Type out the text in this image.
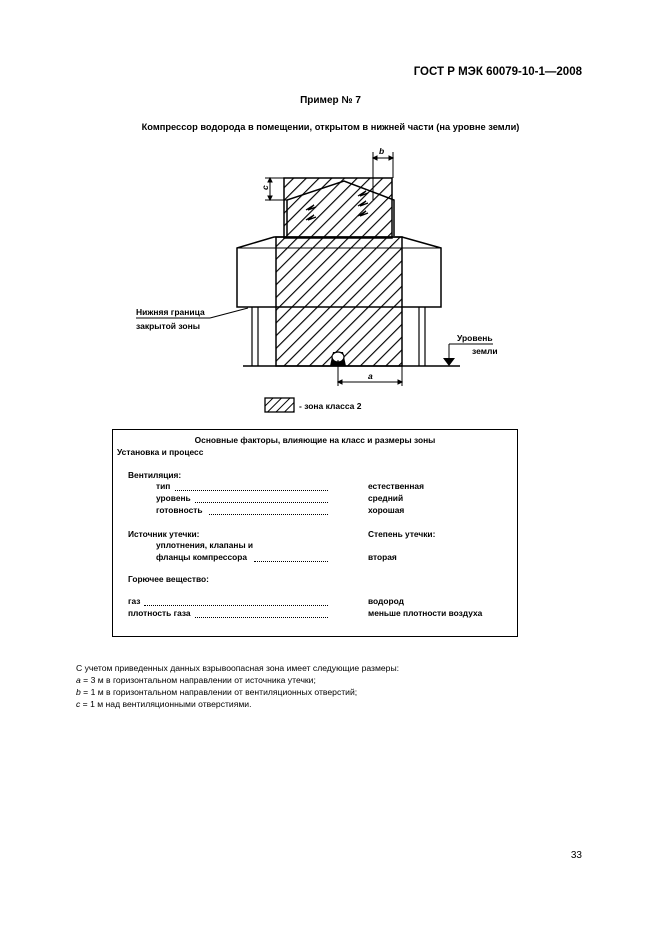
ГОСТ Р МЭК 60079-10-1—2008
Пример № 7
Компрессор водорода в помещении, открытом в нижней части (на уровне земли)
b
c
a
Нижняя граница
закрытой зоны
Уровень
земли
- зона класса 2
Основные факторы, влияющие на класс и размеры зоны
Установка и процесс
Вентиляция:
тип	естественная
уровень	средний
готовность	хорошая
Источник утечки:	Степень утечки:
уплотнения, клапаны и
фланцы компрессора	вторая
Горючее вещество:
газ	водород
плотность газа	меньше плотности воздуха

С учетом приведенных данных взрывоопасная зона имеет следующие размеры:

a = 3 м в горизонтальном направлении от источника утечки;

b = 1 м в горизонтальном направлении от вентиляционных отверстий;

c = 1 м над вентиляционными отверстиями.

33
